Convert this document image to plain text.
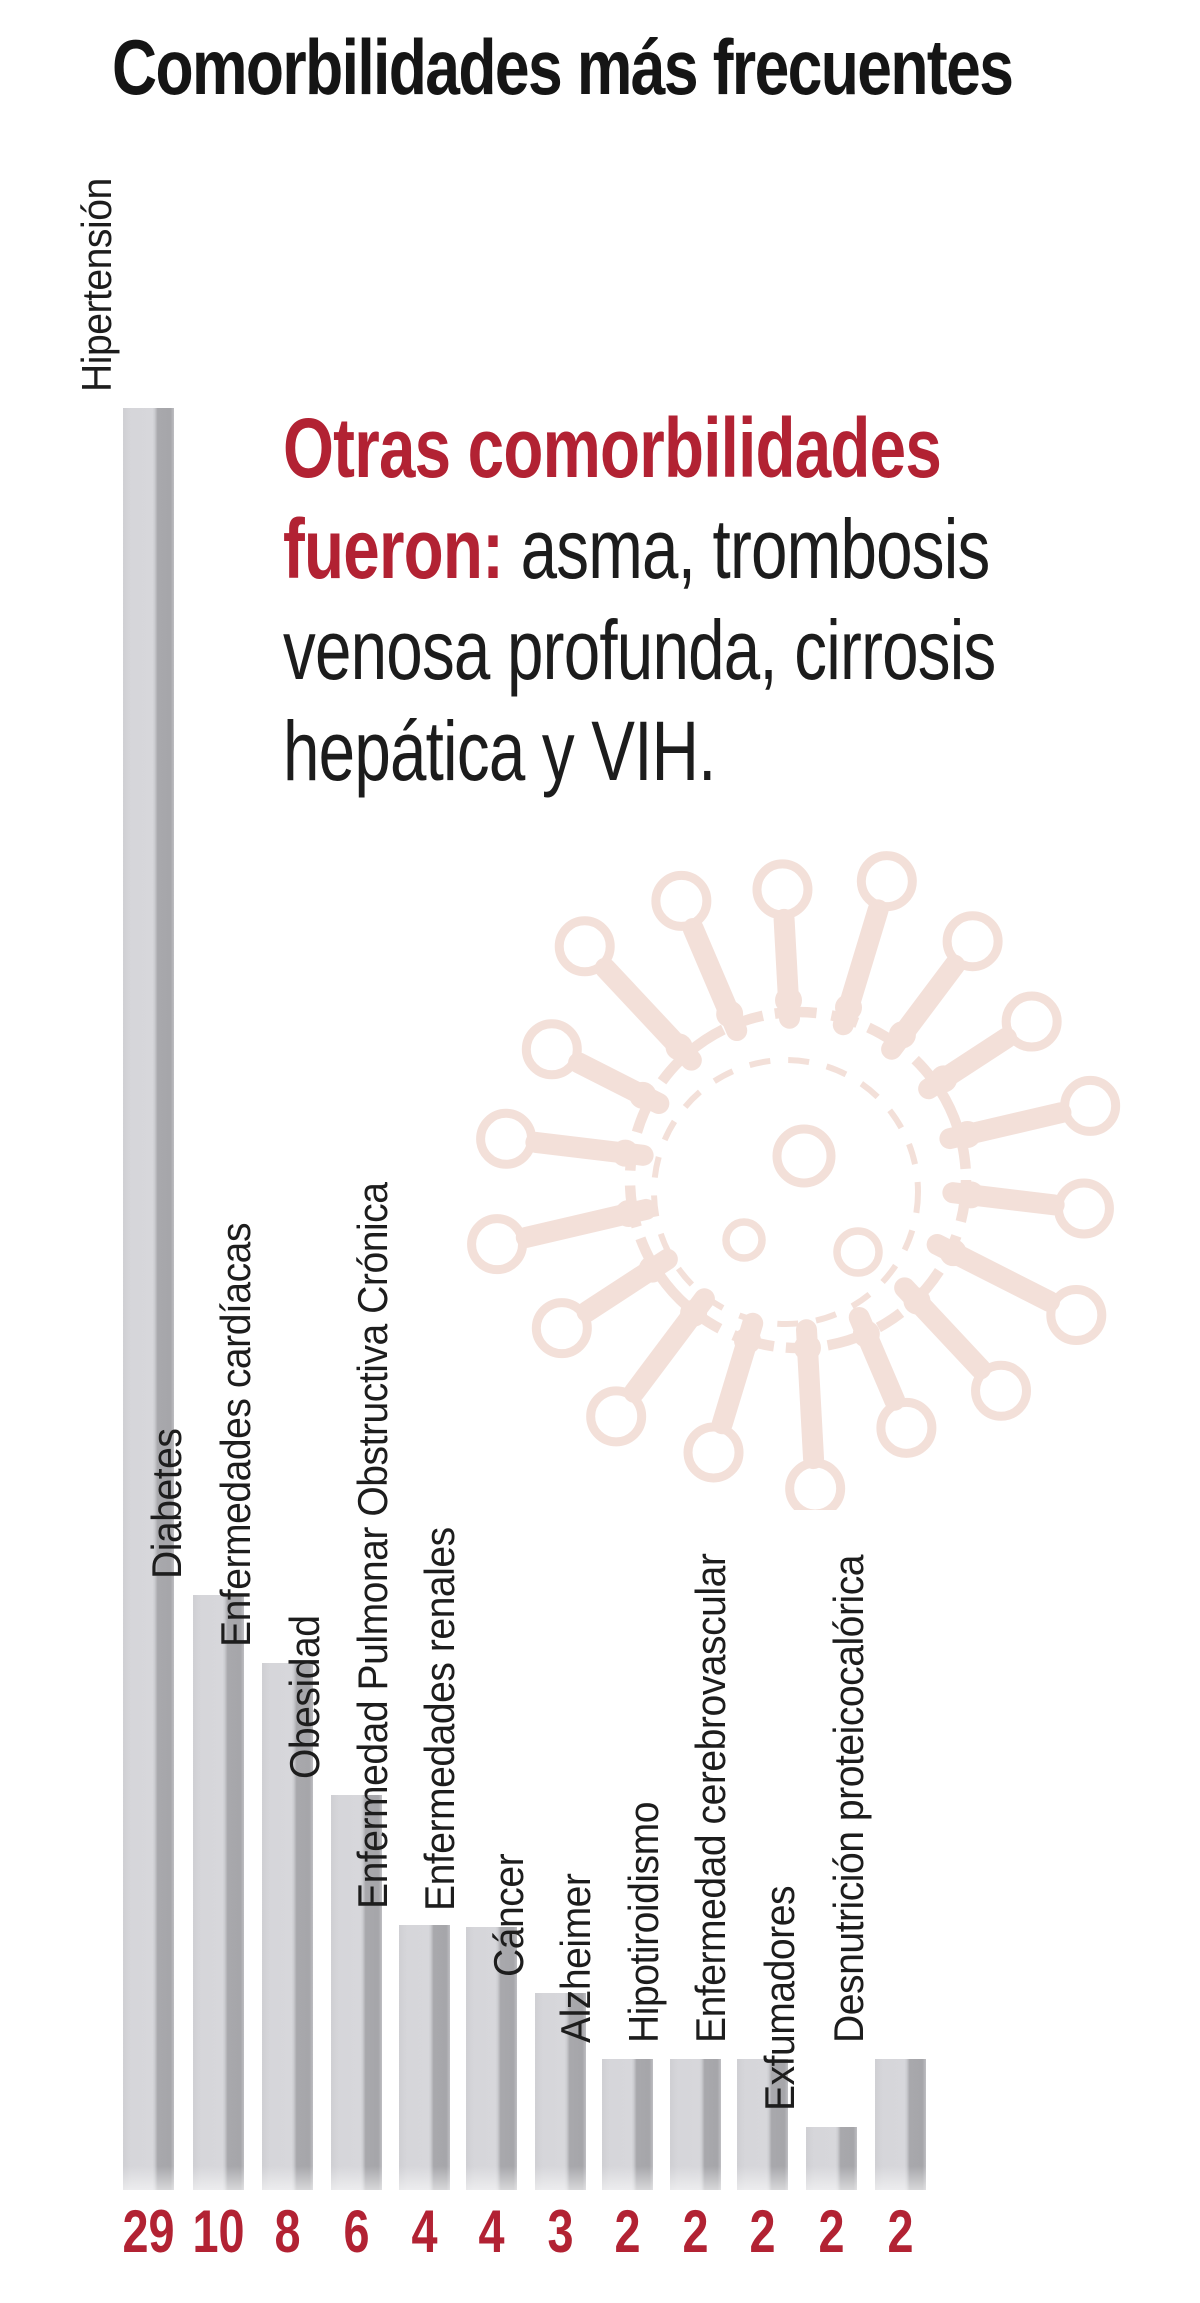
Comorbilidades más frecuentes

Otras comorbilidades
fueron: asma, trombosis
venosa profunda, cirrosis
hepática y VIH.

Hipertensión
29
Diabetes
10
Enfermedades cardíacas
8
Obesidad
6
Enfermedad Pulmonar Obstructiva Crónica
4
Enfermedades renales
4
Cáncer
3
Alzheimer
2
Hipotiroidismo
2
Enfermedad cerebrovascular
2
Exfumadores
2
Desnutrición proteicocalórica
2
